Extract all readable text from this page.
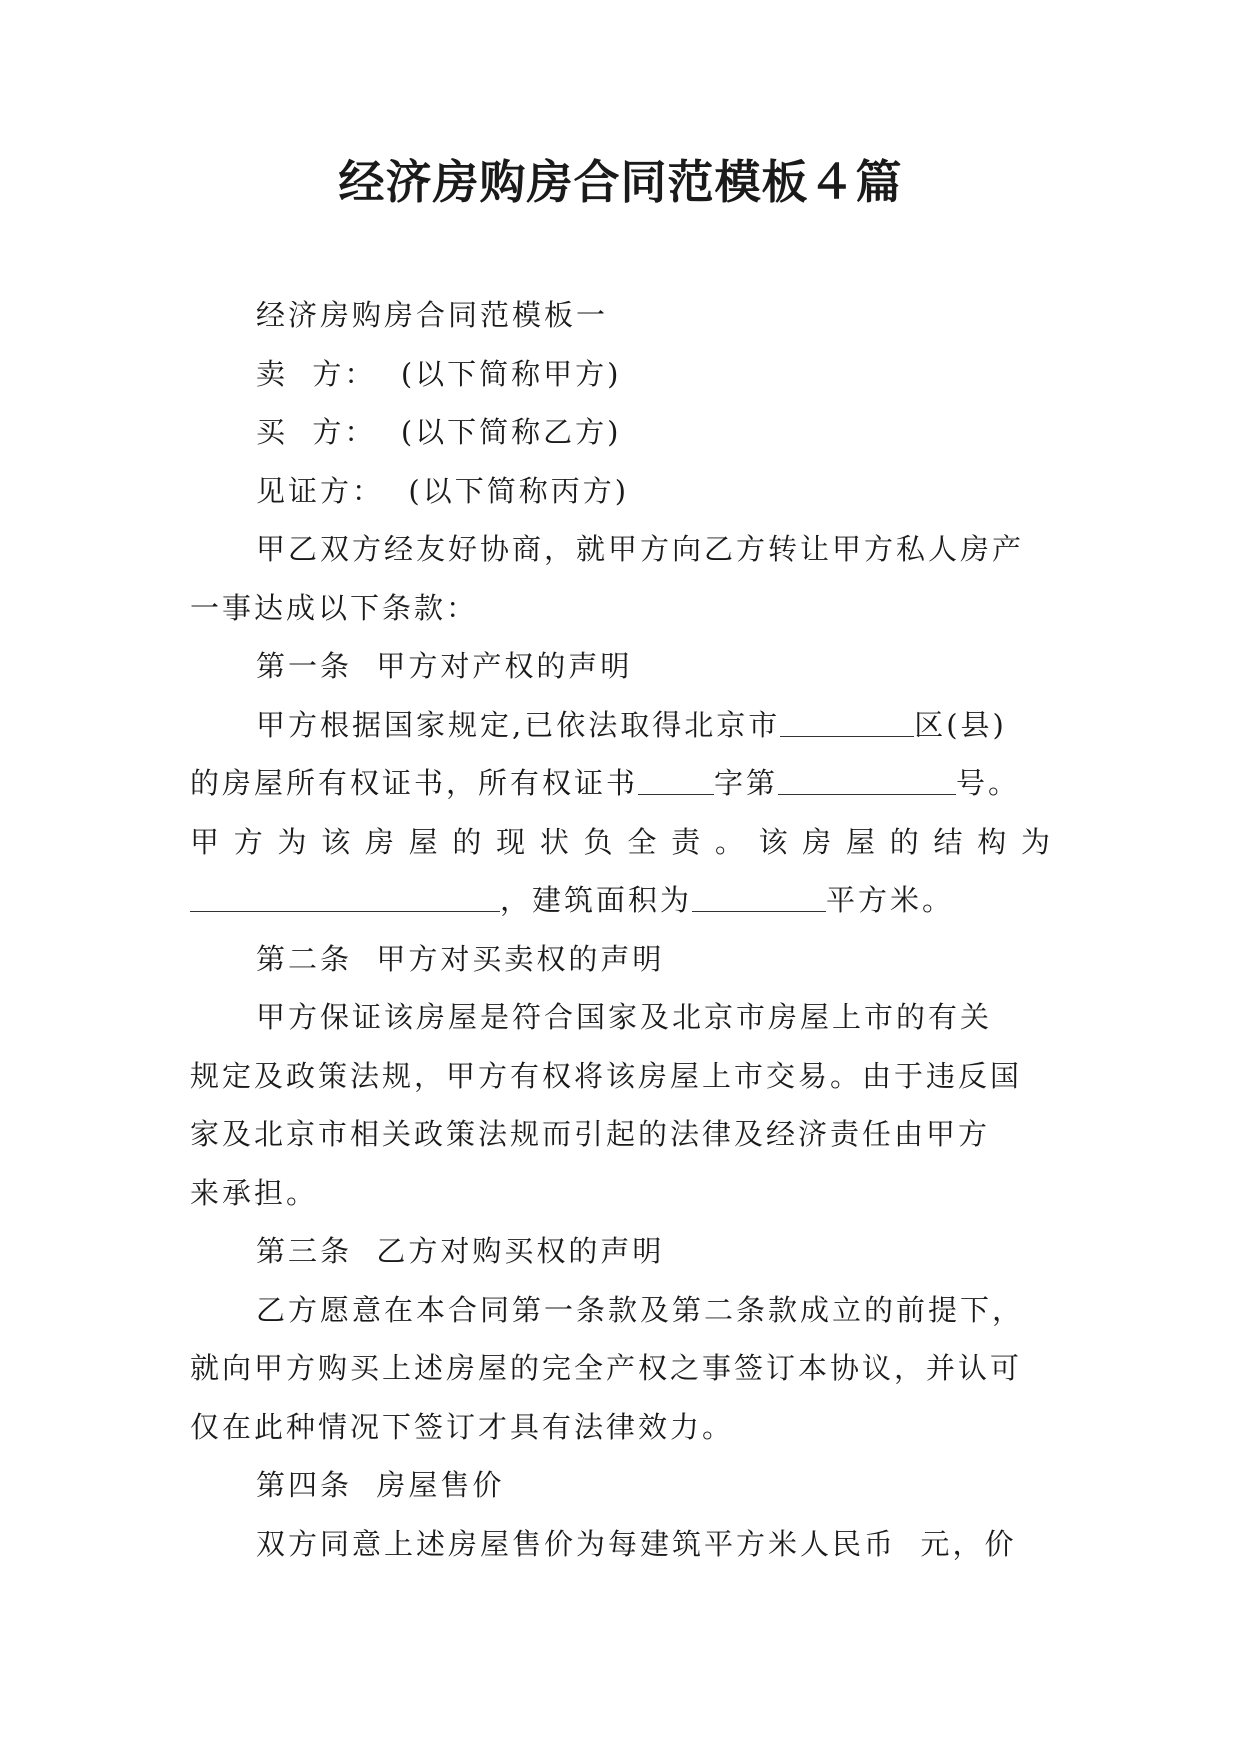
经济房购房合同范模板４篇
经济房购房合同范模板一
卖  方：  (以下简称甲方)
买  方：  (以下简称乙方)
见证方：  (以下简称丙方)
甲乙双方经友好协商，就甲方向乙方转让甲方私人房产
一事达成以下条款：
第一条  甲方对产权的声明
甲方根据国家规定,已依法取得北京市	区(县)
的房屋所有权证书，所有权证书	字第	号。
甲 方 为 该 房 屋 的 现 状 负 全 责 。 该 房 屋 的 结 构 为
，建筑面积为	平方米。
第二条  甲方对买卖权的声明
甲方保证该房屋是符合国家及北京市房屋上市的有关
规定及政策法规，甲方有权将该房屋上市交易。由于违反国
家及北京市相关政策法规而引起的法律及经济责任由甲方
来承担。
第三条  乙方对购买权的声明
乙方愿意在本合同第一条款及第二条款成立的前提下，
就向甲方购买上述房屋的完全产权之事签订本协议，并认可
仅在此种情况下签订才具有法律效力。
第四条  房屋售价
双方同意上述房屋售价为每建筑平方米人民币  元，价
